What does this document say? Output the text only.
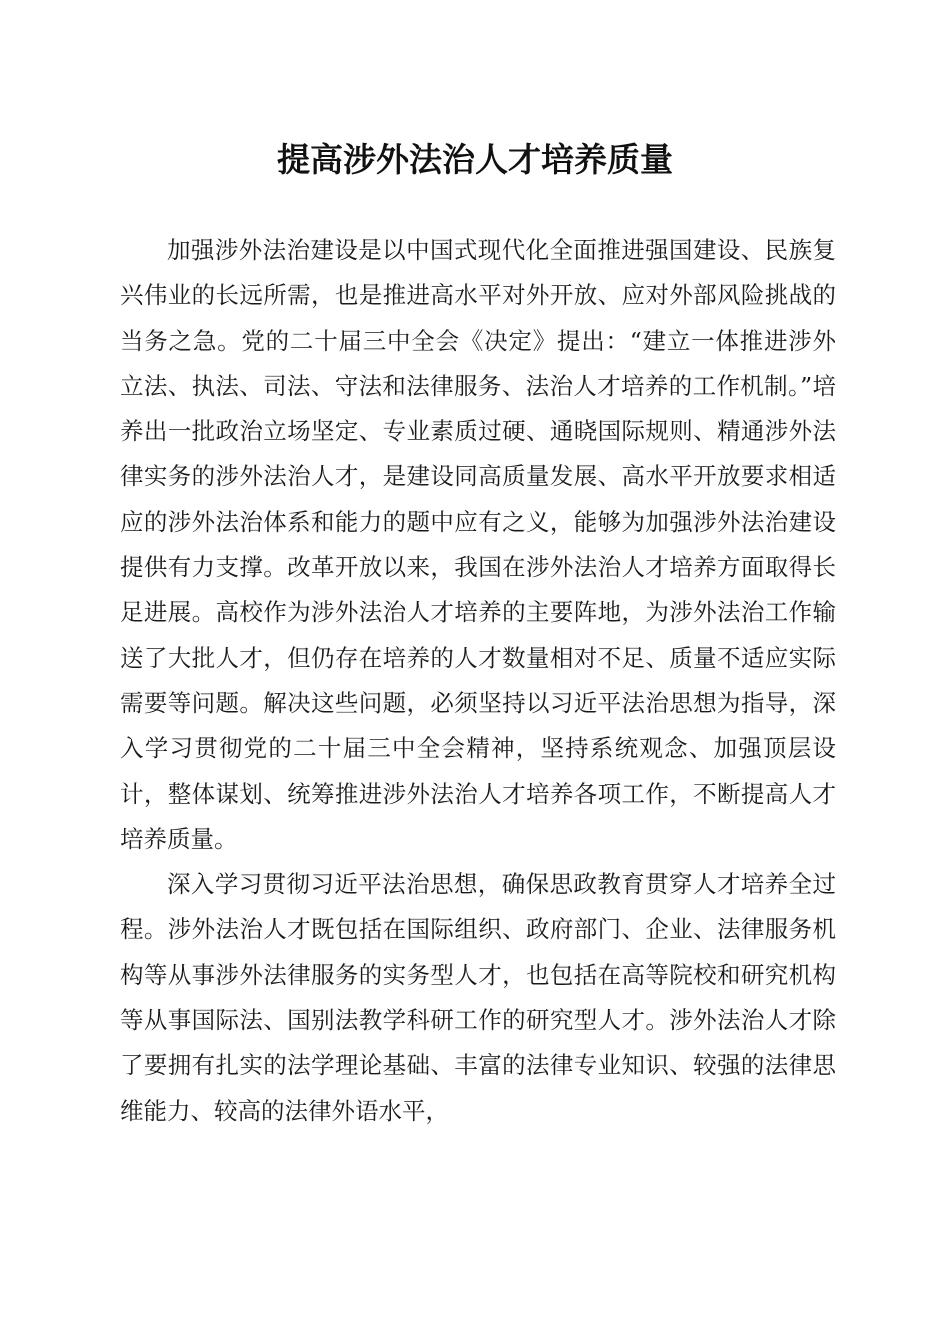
提高涉外法治人才培养质量

加强涉外法治建设是以中国式现代化全面推进强国建设、民族复兴伟业的长远所需，也是推进高水平对外开放、应对外部风险挑战的当务之急。党的二十届三中全会《决定》提出：“建立一体推进涉外立法、执法、司法、守法和法律服务、法治人才培养的工作机制。”培养出一批政治立场坚定、专业素质过硬、通晓国际规则、精通涉外法律实务的涉外法治人才，是建设同高质量发展、高水平开放要求相适应的涉外法治体系和能力的题中应有之义，能够为加强涉外法治建设提供有力支撑。改革开放以来，我国在涉外法治人才培养方面取得长足进展。高校作为涉外法治人才培养的主要阵地，为涉外法治工作输送了大批人才，但仍存在培养的人才数量相对不足、质量不适应实际需要等问题。解决这些问题，必须坚持以习近平法治思想为指导，深入学习贯彻党的二十届三中全会精神，坚持系统观念、加强顶层设计，整体谋划、统筹推进涉外法治人才培养各项工作，不断提高人才培养质量。

深入学习贯彻习近平法治思想，确保思政教育贯穿人才培养全过程。涉外法治人才既包括在国际组织、政府部门、企业、法律服务机构等从事涉外法律服务的实务型人才，也包括在高等院校和研究机构等从事国际法、国别法教学科研工作的研究型人才。涉外法治人才除了要拥有扎实的法学理论基础、丰富的法律专业知识、较强的法律思维能力、较高的法律外语水平，
